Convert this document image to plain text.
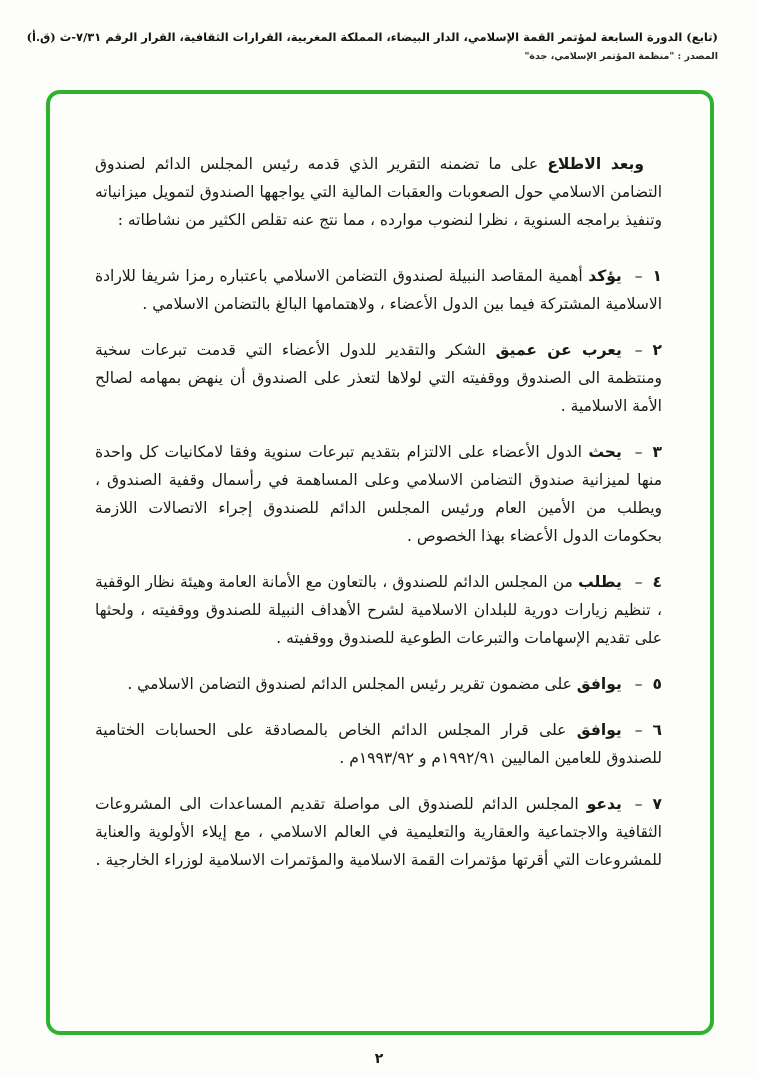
(تابع) الدورة السابعة لمؤتمر القمة الإسلامي، الدار البيضاء، المملكة المغربية، القرارات الثقافية، القرار الرقم ٧/٣١-ث (ق.أ)
المصدر : "منظمة المؤتمر الإسلامي، جدة"

وبعد الاطلاع على ما تضمنه التقرير الذي قدمه رئيس المجلس الدائم لصندوق التضامن الاسلامي حول الصعوبات والعقبات المالية التي يواجهها الصندوق لتمويل ميزانياته وتنفيذ برامجه السنوية ، نظرا لنضوب موارده ، مما نتج عنه تقلص الكثير من نشاطاته :

١–يؤكد أهمية المقاصد النبيلة لصندوق التضامن الاسلامي باعتباره رمزا شريفا للارادة الاسلامية المشتركة فيما بين الدول الأعضاء ، ولاهتمامها البالغ بالتضامن الاسلامي .

٢–يعرب عن عميق الشكر والتقدير للدول الأعضاء التي قدمت تبرعات سخية ومنتظمة الى الصندوق ووقفيته التي لولاها لتعذر على الصندوق أن ينهض بمهامه لصالح الأمة الاسلامية .

٣–يحث الدول الأعضاء على الالتزام بتقديم تبرعات سنوية وفقا لامكانيات كل واحدة منها لميزانية صندوق التضامن الاسلامي وعلى المساهمة في رأسمال وقفية الصندوق ، ويطلب من الأمين العام ورئيس المجلس الدائم للصندوق إجراء الاتصالات اللازمة بحكومات الدول الأعضاء بهذا الخصوص .

٤–يطلب من المجلس الدائم للصندوق ، بالتعاون مع الأمانة العامة وهيئة نظار الوقفية ، تنظيم زيارات دورية للبلدان الاسلامية لشرح الأهداف النبيلة للصندوق ووقفيته ، ولحثها على تقديم الإسهامات والتبرعات الطوعية للصندوق ووقفيته .

٥–يوافق على مضمون تقرير رئيس المجلس الدائم لصندوق التضامن الاسلامي .

٦–يوافق على قرار المجلس الدائم الخاص بالمصادقة على الحسابات الختامية للصندوق للعامين الماليين ١٩٩٢/٩١م و ١٩٩٣/٩٢م .

٧–يدعو المجلس الدائم للصندوق الى مواصلة تقديم المساعدات الى المشروعات الثقافية والاجتماعية والعقارية والتعليمية في العالم الاسلامي ، مع إيلاء الأولوية والعناية للمشروعات التي أقرتها مؤتمرات القمة الاسلامية والمؤتمرات الاسلامية لوزراء الخارجية .

٢
